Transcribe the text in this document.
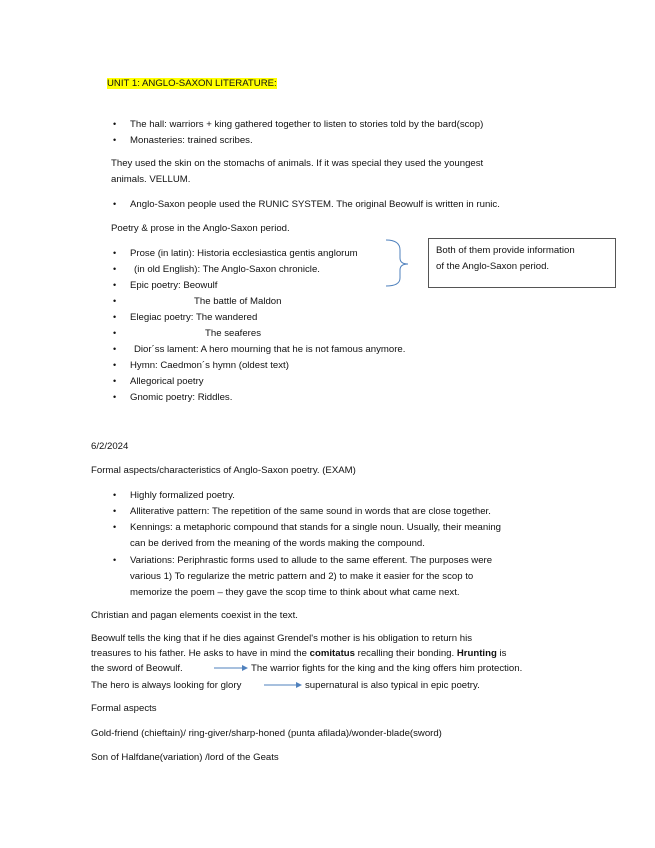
UNIT 1: ANGLO-SAXON LITERATURE:
• The hall: warriors + king gathered together to listen to stories told by the bard(scop)
• Monasteries: trained scribes.
They used the skin on the stomachs of animals. If it was special they used the youngest
animals. VELLUM.
• Anglo-Saxon people used the RUNIC SYSTEM. The original Beowulf is written in runic.
Poetry & prose in the Anglo-Saxon period.
• Prose (in latin): Historia ecclesiastica gentis anglorum
• (in old English): The Anglo-Saxon chronicle.
• Epic poetry: Beowulf
•	The battle of Maldon
• Elegiac poetry: The wandered
•	The seaferes
• Dior´ss lament: A hero mourning that he is not famous anymore.
• Hymn: Caedmon´s hymn (oldest text)
• Allegorical poetry
• Gnomic poetry: Riddles.
Both of them provide information
of the Anglo-Saxon period.
6/2/2024
Formal aspects/characteristics of Anglo-Saxon poetry. (EXAM)
• Highly formalized poetry.
• Alliterative pattern: The repetition of the same sound in words that are close together.
• Kennings: a metaphoric compound that stands for a single noun. Usually, their meaning
can be derived from the meaning of the words making the compound.
• Variations: Periphrastic forms used to allude to the same efferent. The purposes were
various 1) To regularize the metric pattern and 2) to make it easier for the scop to
memorize the poem – they gave the scop time to think about what came next.
Christian and pagan elements coexist in the text.
Beowulf tells the king that if he dies against Grendel's mother is his obligation to return his
treasures to his father. He asks to have in mind the comitatus recalling their bonding. Hrunting is
the sword of Beowulf.	The warrior fights for the king and the king offers him protection.
The hero is always looking for glory	supernatural is also typical in epic poetry.
Formal aspects
Gold-friend (chieftain)/ ring-giver/sharp-honed (punta afilada)/wonder-blade(sword)
Son of Halfdane(variation) /lord of the Geats
